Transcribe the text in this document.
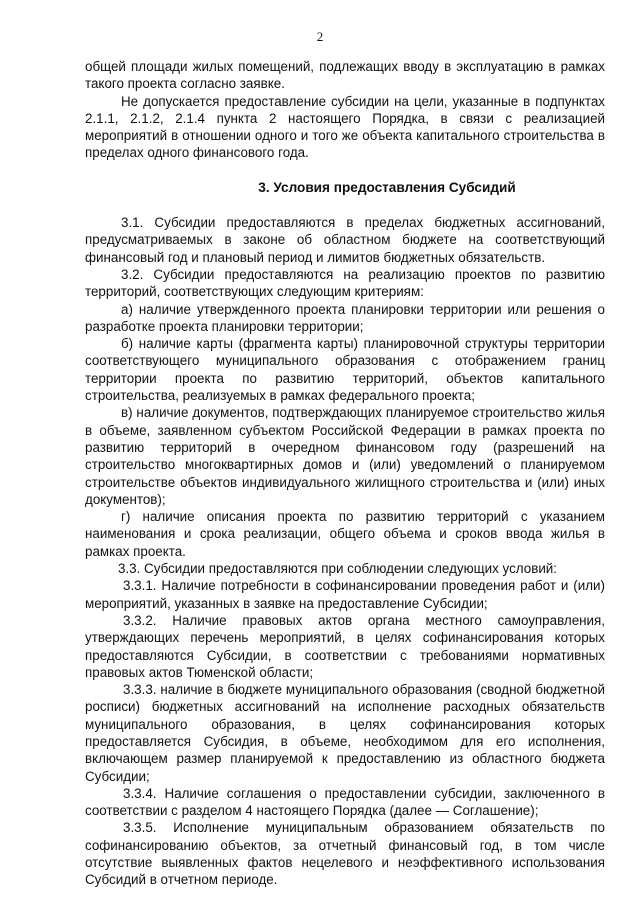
2

общей площади жилых помещений, подлежащих вводу в эксплуатацию в рамках такого проекта согласно заявке.

Не допускается предоставление субсидии на цели, указанные в подпунктах 2.1.1, 2.1.2, 2.1.4 пункта 2 настоящего Порядка, в связи с реализацией мероприятий в отношении одного и того же объекта капитального строительства в пределах одного финансового года.

3. Условия предоставления Субсидий

3.1. Субсидии предоставляются в пределах бюджетных ассигнований, предусматриваемых в законе об областном бюджете на соответствующий финансовый год и плановый период и лимитов бюджетных обязательств.

3.2. Субсидии предоставляются на реализацию проектов по развитию территорий, соответствующих следующим критериям:

а) наличие утвержденного проекта планировки территории или решения о разработке проекта планировки территории;

б) наличие карты (фрагмента карты) планировочной структуры территории соответствующего муниципального образования с отображением границ территории проекта по развитию территорий, объектов капитального строительства, реализуемых в рамках федерального проекта;

в) наличие документов, подтверждающих планируемое строительство жилья в объеме, заявленном субъектом Российской Федерации в рамках проекта по развитию территорий в очередном финансовом году (разрешений на строительство многоквартирных домов и (или) уведомлений о планируемом строительстве объектов индивидуального жилищного строительства и (или) иных документов);

г) наличие описания проекта по развитию территорий с указанием наименования и срока реализации, общего объема и сроков ввода жилья в рамках проекта.

3.3. Субсидии предоставляются при соблюдении следующих условий:

3.3.1. Наличие потребности в софинансировании проведения работ и (или) мероприятий, указанных в заявке на предоставление Субсидии;

3.3.2. Наличие правовых актов органа местного самоуправления, утверждающих перечень мероприятий, в целях софинансирования которых предоставляются Субсидии, в соответствии с требованиями нормативных правовых актов Тюменской области;

3.3.3. наличие в бюджете муниципального образования (сводной бюджетной росписи) бюджетных ассигнований на исполнение расходных обязательств муниципального образования, в целях софинансирования которых предоставляется Субсидия, в объеме, необходимом для его исполнения, включающем размер планируемой к предоставлению из областного бюджета Субсидии;

3.3.4. Наличие соглашения о предоставлении субсидии, заключенного в соответствии с разделом 4 настоящего Порядка (далее — Соглашение);

3.3.5. Исполнение муниципальным образованием обязательств по софинансированию объектов, за отчетный финансовый год, в том числе отсутствие выявленных фактов нецелевого и неэффективного использования Субсидий в отчетном периоде.
